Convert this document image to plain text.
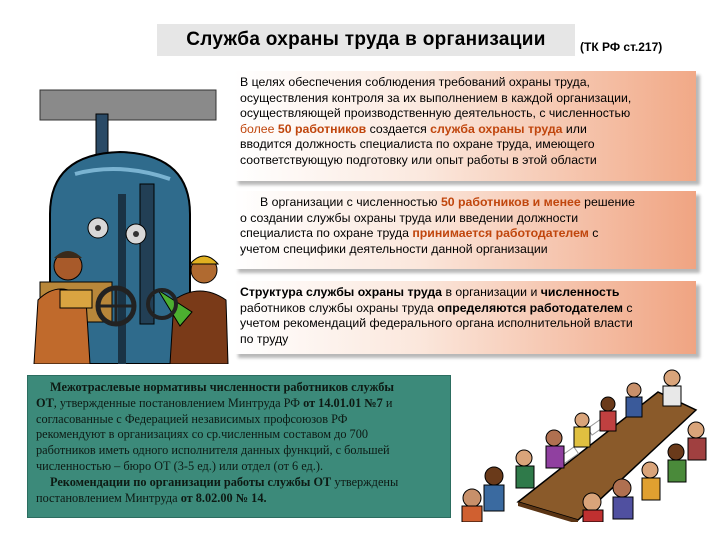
Служба охраны труда в организации	(ТК РФ ст.217)
В целях обеспечения соблюдения требований охраны труда,
осуществления контроля за их выполнением в каждой организации,
осуществляющей производственную деятельность, с численностью
более 50 работников создается служба охраны труда или
вводится должность специалиста по охране труда, имеющего
соответствующую подготовку или опыт работы в этой области
В организации с численностью 50 работников и менее решение
о создании службы охраны труда или введении должности
специалиста по охране труда принимается работодателем с
учетом специфики деятельности данной организации
Структура службы охраны труда в организации и численность
работников службы охраны труда определяются работодателем с
учетом рекомендаций федерального органа исполнительной власти
по труду
Межотраслевые нормативы численности работников службы
ОТ, утвержденные постановлением Минтруда РФ от 14.01.01 №7 и
согласованные с Федерацией независимых профсоюзов РФ
рекомендуют в организациях со ср.численным составом до 700
работников иметь одного исполнителя данных функций, с большей
численностью – бюро ОТ (3-5 ед.) или отдел (от 6 ед.).
Рекомендации по организации работы службы ОТ утверждены
постановлением Минтруда от 8.02.00 № 14.
